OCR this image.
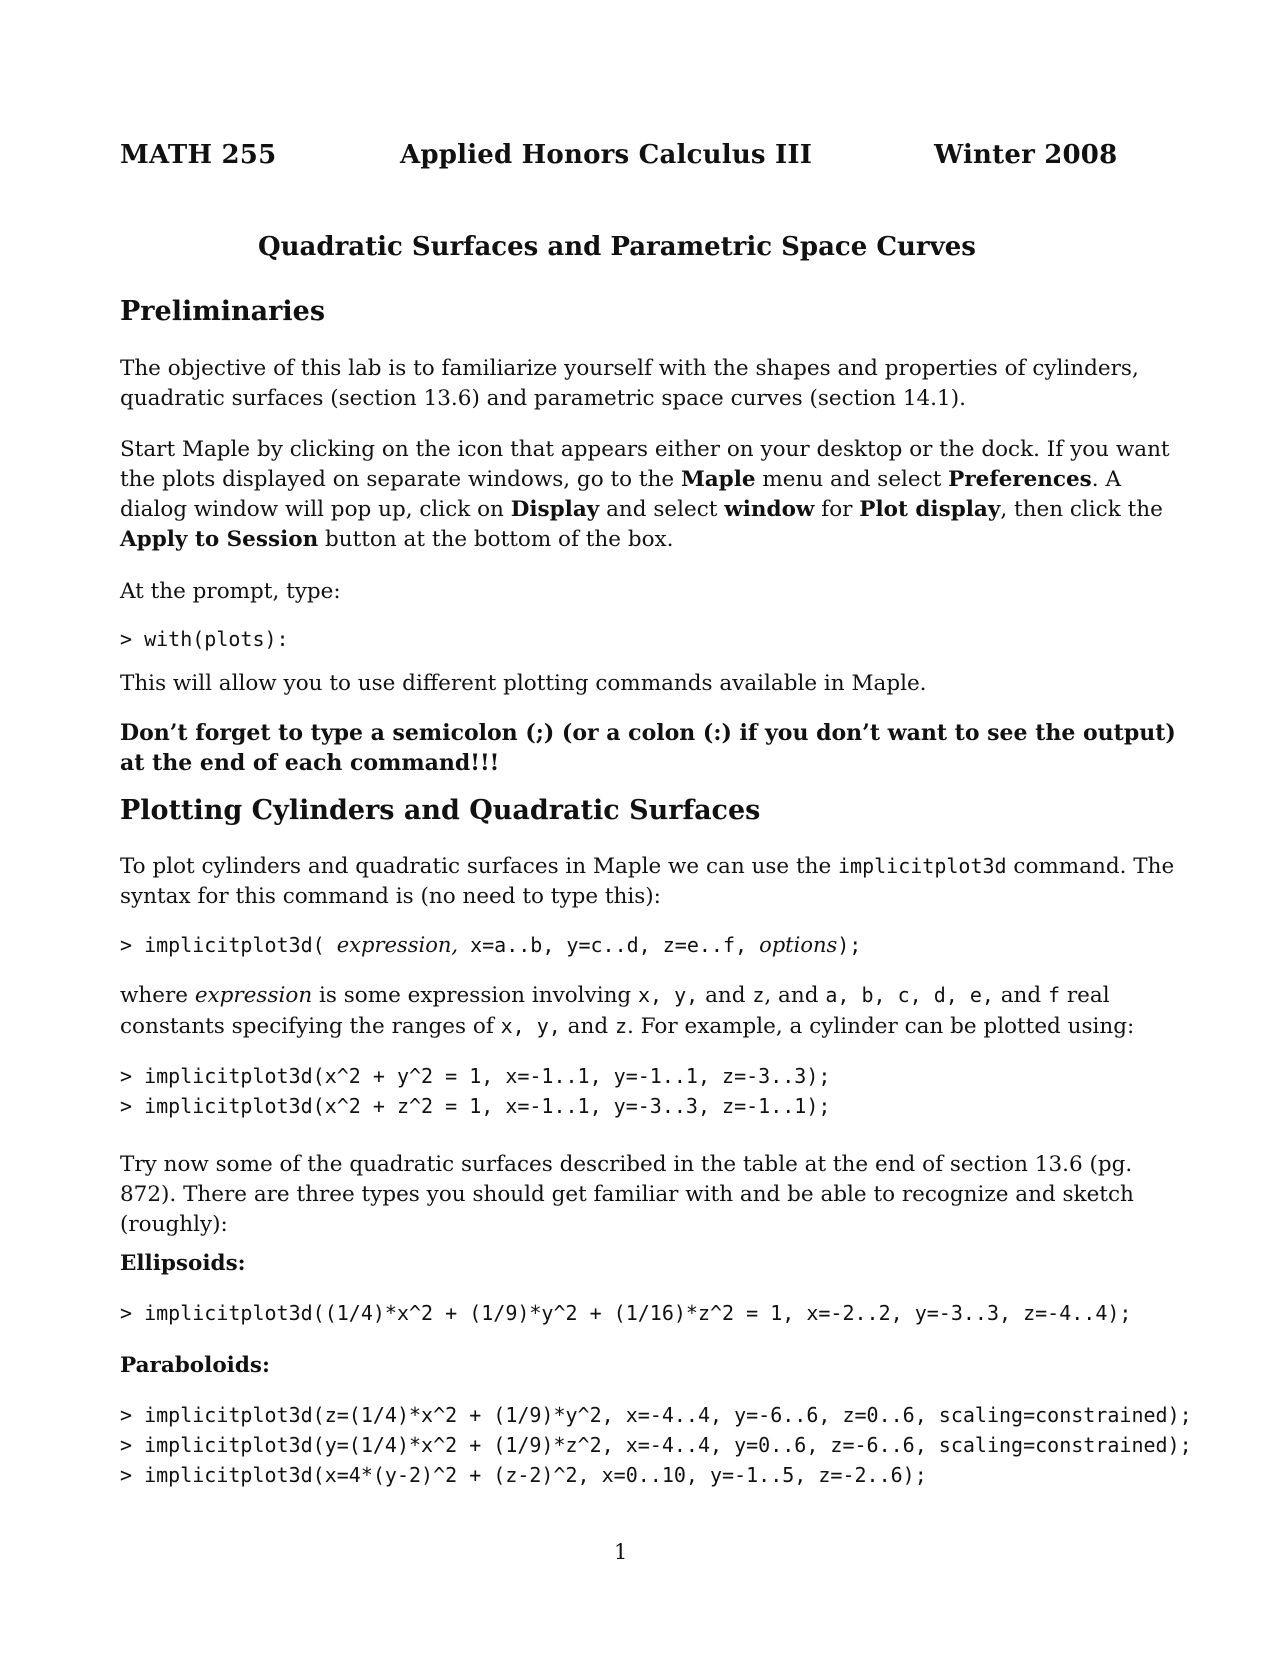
MATH 255	Applied Honors Calculus III	Winter 2008
Quadratic Surfaces and Parametric Space Curves
Preliminaries
The objective of this lab is to familiarize yourself with the shapes and properties of cylinders, quadratic surfaces (section 13.6) and parametric space curves (section 14.1).
Start Maple by clicking on the icon that appears either on your desktop or the dock. If you want the plots displayed on separate windows, go to the Maple menu and select Preferences. A dialog window will pop up, click on Display and select window for Plot display, then click the Apply to Session button at the bottom of the box.
At the prompt, type:
> with(plots):
This will allow you to use different plotting commands available in Maple.
Don’t forget to type a semicolon (;) (or a colon (:) if you don’t want to see the output) at the end of each command!!!
Plotting Cylinders and Quadratic Surfaces
To plot cylinders and quadratic surfaces in Maple we can use the implicitplot3d command. The syntax for this command is (no need to type this):
> implicitplot3d( expression, x=a..b, y=c..d, z=e..f, options);
where expression is some expression involving x, y, and z, and a, b, c, d, e, and f real constants specifying the ranges of x, y, and z. For example, a cylinder can be plotted using:
> implicitplot3d(x^2 + y^2 = 1, x=-1..1, y=-1..1, z=-3..3);
> implicitplot3d(x^2 + z^2 = 1, x=-1..1, y=-3..3, z=-1..1);
Try now some of the quadratic surfaces described in the table at the end of section 13.6 (pg. 872). There are three types you should get familiar with and be able to recognize and sketch (roughly):
Ellipsoids:
> implicitplot3d((1/4)*x^2 + (1/9)*y^2 + (1/16)*z^2 = 1, x=-2..2, y=-3..3, z=-4..4);
Paraboloids:
> implicitplot3d(z=(1/4)*x^2 + (1/9)*y^2, x=-4..4, y=-6..6, z=0..6, scaling=constrained);
> implicitplot3d(y=(1/4)*x^2 + (1/9)*z^2, x=-4..4, y=0..6, z=-6..6, scaling=constrained);
> implicitplot3d(x=4*(y-2)^2 + (z-2)^2, x=0..10, y=-1..5, z=-2..6);
1
